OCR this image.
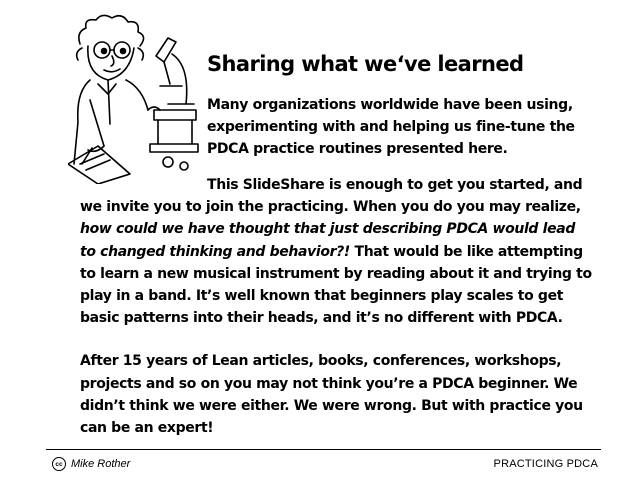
Sharing what we‘ve learned
Many organizations worldwide have been using,
experimenting with and helping us fine-tune the
PDCA practice routines presented here.
This SlideShare is enough to get you started, and
we invite you to join the practicing. When you do you may realize,
how could we have thought that just describing PDCA would lead
to changed thinking and behavior?! That would be like attempting
to learn a new musical instrument by reading about it and trying to
play in a band. It’s well known that beginners play scales to get
basic patterns into their heads, and it’s no different with PDCA.
After 15 years of Lean articles, books, conferences, workshops,
projects and so on you may not think you’re a PDCA beginner. We
didn’t think we were either. We were wrong. But with practice you
can be an expert!
cc Mike Rother	PRACTICING PDCA
